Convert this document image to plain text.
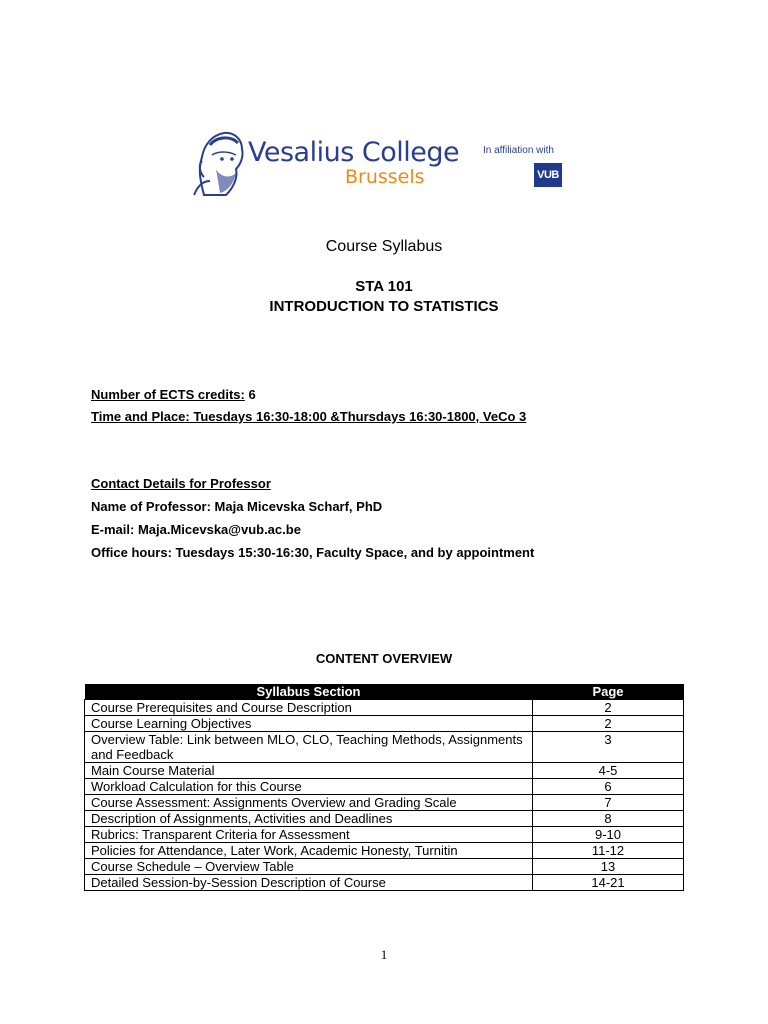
Vesalius College
Brussels
In affiliation with
VUB
Course Syllabus
STA 101
INTRODUCTION TO STATISTICS
Number of ECTS credits: 6
Time and Place: Tuesdays 16:30-18:00 &Thursdays 16:30-1800, VeCo 3
Contact Details for Professor
Name of Professor: Maja Micevska Scharf, PhD
E-mail: Maja.Micevska@vub.ac.be
Office hours: Tuesdays 15:30-16:30, Faculty Space, and by appointment
CONTENT OVERVIEW
Syllabus Section	Page
Course Prerequisites and Course Description	2
Course Learning Objectives	2
Overview Table: Link between MLO, CLO, Teaching Methods, Assignments and Feedback	3
Main Course Material	4-5
Workload Calculation for this Course	6
Course Assessment: Assignments Overview and Grading Scale	7
Description of Assignments, Activities and Deadlines	8
Rubrics: Transparent Criteria for Assessment	9-10
Policies for Attendance, Later Work, Academic Honesty, Turnitin	11-12
Course Schedule – Overview Table	13
Detailed Session-by-Session Description of Course	14-21
1
